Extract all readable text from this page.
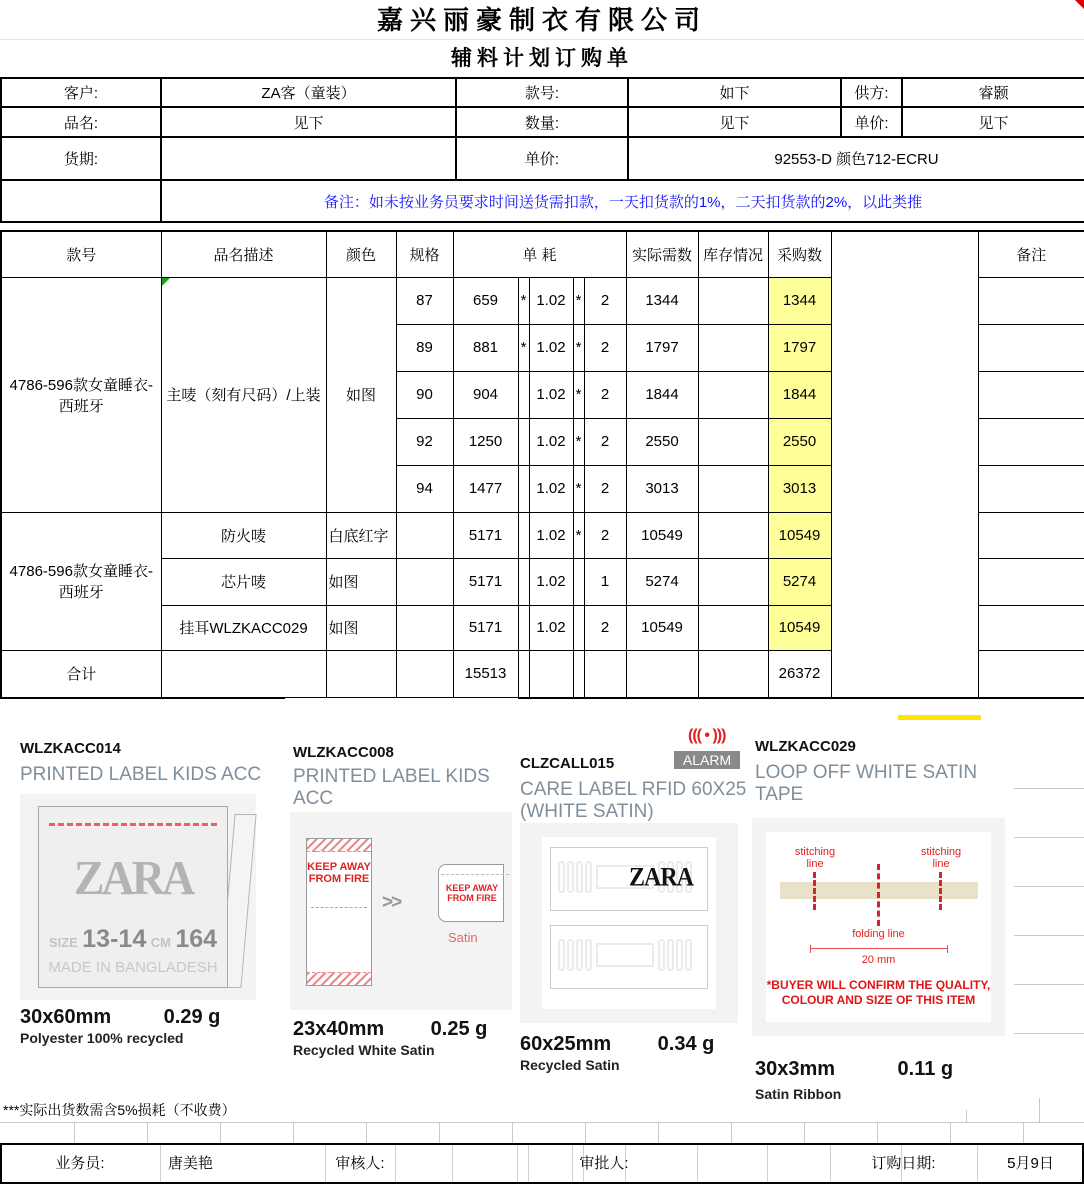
嘉兴丽豪制衣有限公司
辅料计划订购单
客户:	ZA客（童装）	款号:	如下	供方:	睿颢
品名:	见下	数量:	见下	单价:	见下
货期:		单价:	92553-D 颜色712-ECRU		
	备注：如未按业务员要求时间送货需扣款，一天扣货款的1%，二天扣货款的2%，以此类推				
款号	品名描述	颜色	规格	单 耗					实际需数	库存情况	采购数		备注
4786-596款女童睡衣-西班牙	主唛（刻有尺码）/上装	如图	87	659	*	1.02	*	2	1344		1344		
			89	881	*	1.02	*	2	1797		1797		
			90	904		1.02	*	2	1844		1844		
			92	1250		1.02	*	2	2550		2550		
			94	1477		1.02	*	2	3013		3013		
4786-596款女童睡衣-西班牙	防火唛	白底红字		5171		1.02	*	2	10549		10549		
	芯片唛	如图		5171		1.02		1	5274		5274		
	挂耳WLZKACC029	如图		5171		1.02		2	10549		10549		
合计				15513							26372		
WLZKACC014
PRINTED LABEL KIDS ACC
ZARA
SIZE 13-14 CM 164
MADE IN BANGLADESH
30x60mm	0.29 g
Polyester 100% recycled
WLZKACC008
PRINTED LABEL KIDS ACC
KEEP AWAY FROM FIRE
>>
KEEP AWAY FROM FIRE
Satin
23x40mm 0.25 g
Recycled White Satin
((( • )))
ALARM
CLZCALL015
CARE LABEL RFID 60X25
(WHITE SATIN)
ZARA
60x25mm 0.34 g
Recycled Satin
WLZKACC029
LOOP OFF WHITE SATIN
TAPE
stitching line
stitching line
folding line
20 mm
*BUYER WILL CONFIRM THE QUALITY,
COLOUR AND SIZE OF THIS ITEM
30x3mm	0.11 g
Satin Ribbon
***实际出货数需含5%损耗（不收费）
业务员:	唐美艳	审核人:	审批人:	订购日期:	5月9日
